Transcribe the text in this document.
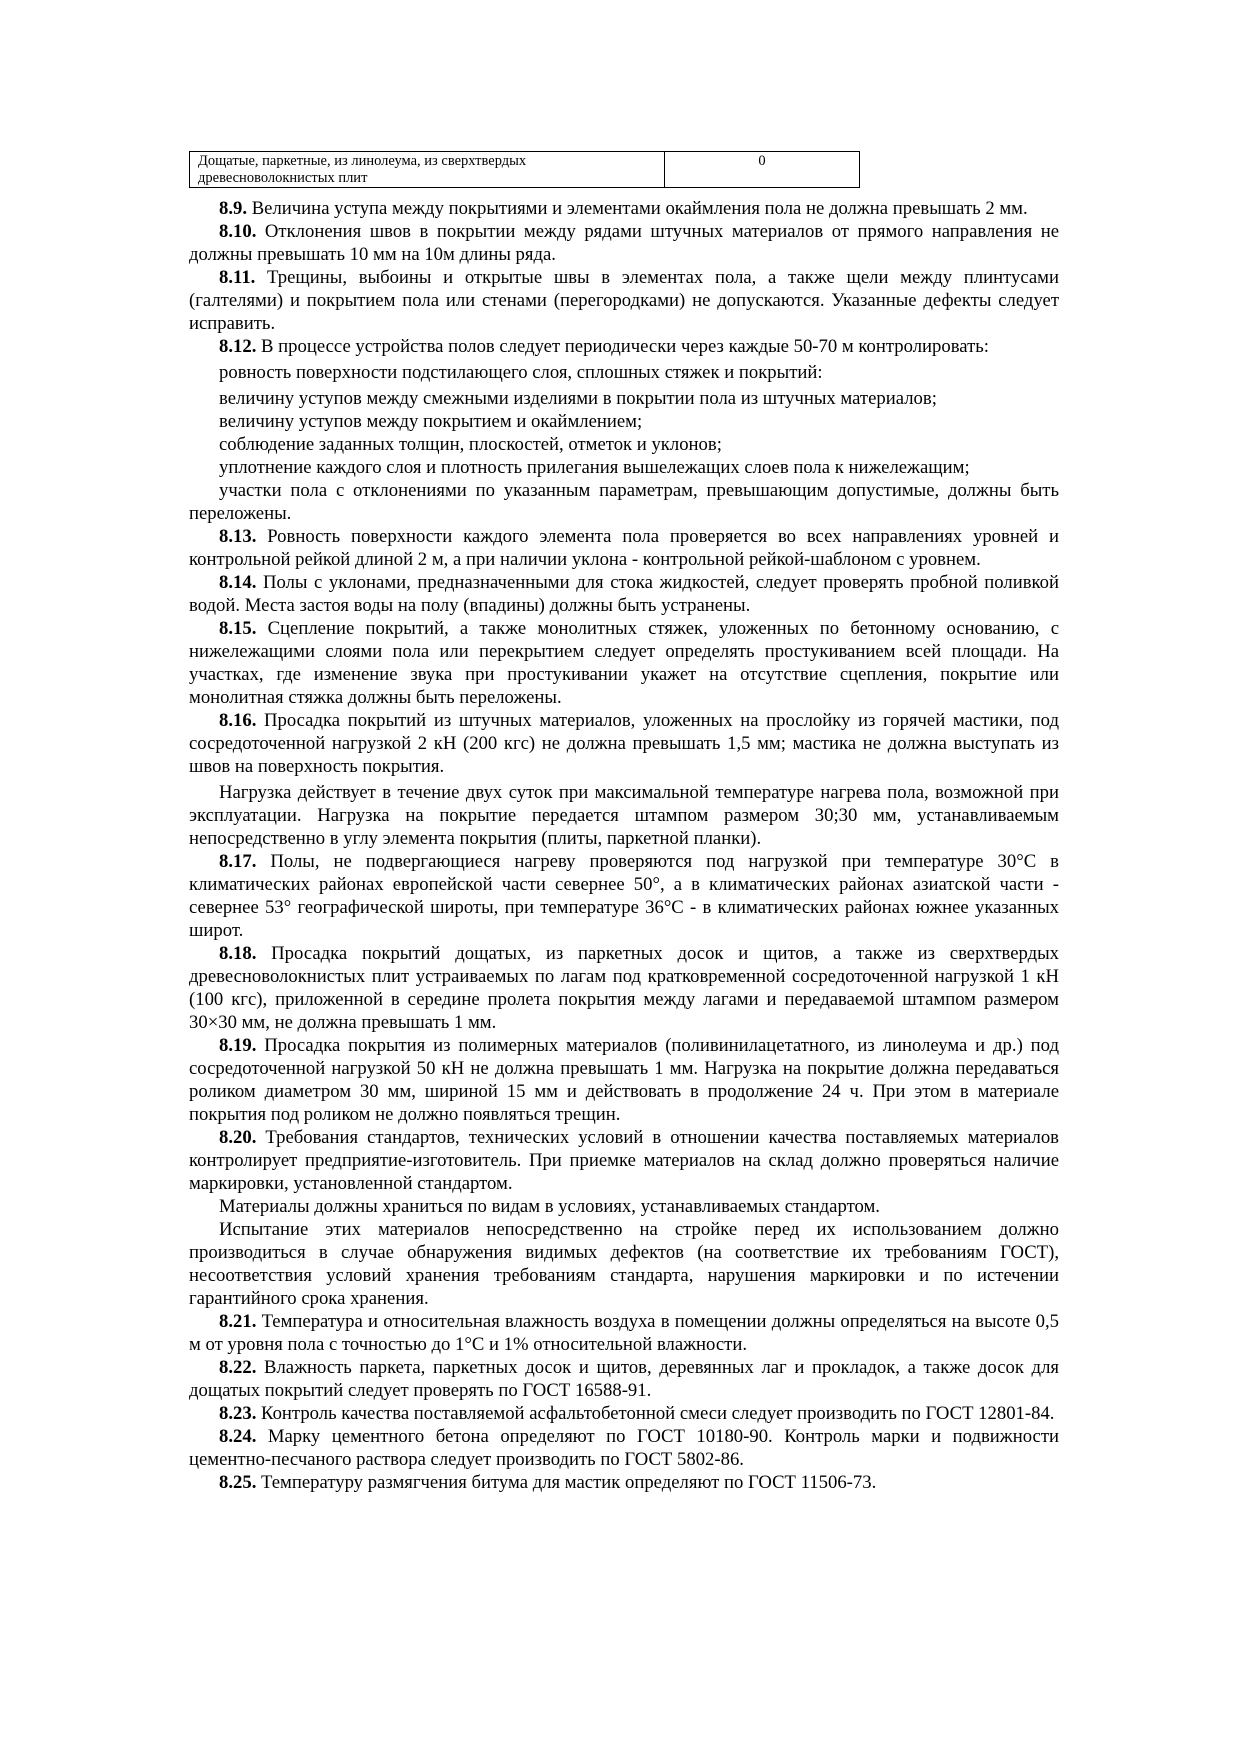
Дощатые, паркетные, из линолеума, из сверхтвердых древесноволокнистых плит	0

8.9. Величина уступа между покрытиями и элементами окаймления пола не должна превышать 2 мм.

8.10. Отклонения швов в покрытии между рядами штучных материалов от прямого направления не должны превышать 10 мм на 10м длины ряда.

8.11. Трещины, выбоины и открытые швы в элементах пола, а также щели между плинтусами (галтелями) и покрытием пола или стенами (перегородками) не допускаются. Указанные дефекты следует исправить.

8.12. В процессе устройства полов следует периодически через каждые 50-70 м контролировать:

ровность поверхности подстилающего слоя, сплошных стяжек и покрытий:

величину уступов между смежными изделиями в покрытии пола из штучных материалов;

величину уступов между покрытием и окаймлением;

соблюдение заданных толщин, плоскостей, отметок и уклонов;

уплотнение каждого слоя и плотность прилегания вышележащих слоев пола к нижележащим;

участки пола с отклонениями по указанным параметрам, превышающим допустимые, должны быть переложены.

8.13. Ровность поверхности каждого элемента пола проверяется во всех направлениях уровней и контрольной рейкой длиной 2 м, а при наличии уклона - контрольной рейкой-шаблоном с уровнем.

8.14. Полы с уклонами, предназначенными для стока жидкостей, следует проверять пробной поливкой водой. Места застоя воды на полу (впадины) должны быть устранены.

8.15. Сцепление покрытий, а также монолитных стяжек, уложенных по бетонному основанию, с нижележащими слоями пола или перекрытием следует определять простукиванием всей площади. На участках, где изменение звука при простукивании укажет на отсутствие сцепления, покрытие или монолитная стяжка должны быть переложены.

8.16. Просадка покрытий из штучных материалов, уложенных на прослойку из горячей мастики, под сосредоточенной нагрузкой 2 кН (200 кгс) не должна превышать 1,5 мм; мастика не должна выступать из швов на поверхность покрытия.

Нагрузка действует в течение двух суток при максимальной температуре нагрева пола, возможной при эксплуатации. Нагрузка на покрытие передается штампом размером 30;30 мм, устанавливаемым непосредственно в углу элемента покрытия (плиты, паркетной планки).

8.17. Полы, не подвергающиеся нагреву проверяются под нагрузкой при температуре 30°С в климатических районах европейской части севернее 50°, а в климатических районах азиатской части - севернее 53° географической широты, при температуре 36°С - в климатических районах южнее указанных широт.

8.18. Просадка покрытий дощатых, из паркетных досок и щитов, а также из сверхтвердых древесноволокнистых плит устраиваемых по лагам под кратковременной сосредоточенной нагрузкой 1 кН (100 кгс), приложенной в середине пролета покрытия между лагами и передаваемой штампом размером 30×30 мм, не должна превышать 1 мм.

8.19. Просадка покрытия из полимерных материалов (поливинилацетатного, из линолеума и др.) под сосредоточенной нагрузкой 50 кН не должна превышать 1 мм. Нагрузка на покрытие должна передаваться роликом диаметром 30 мм, шириной 15 мм и действовать в продолжение 24 ч. При этом в материале покрытия под роликом не должно появляться трещин.

8.20. Требования стандартов, технических условий в отношении качества поставляемых материалов контролирует предприятие-изготовитель. При приемке материалов на склад должно проверяться наличие маркировки, установленной стандартом.

Материалы должны храниться по видам в условиях, устанавливаемых стандартом.

Испытание этих материалов непосредственно на стройке перед их использованием должно производиться в случае обнаружения видимых дефектов (на соответствие их требованиям ГОСТ), несоответствия условий хранения требованиям стандарта, нарушения маркировки и по истечении гарантийного срока хранения.

8.21. Температура и относительная влажность воздуха в помещении должны определяться на высоте 0,5 м от уровня пола с точностью до 1°С и 1% относительной влажности.

8.22. Влажность паркета, паркетных досок и щитов, деревянных лаг и прокладок, а также досок для дощатых покрытий следует проверять по ГОСТ 16588-91.

8.23. Контроль качества поставляемой асфальтобетонной смеси следует производить по ГОСТ 12801-84.

8.24. Марку цементного бетона определяют по ГОСТ 10180-90. Контроль марки и подвижности цементно-песчаного раствора следует производить по ГОСТ 5802-86.

8.25. Температуру размягчения битума для мастик определяют по ГОСТ 11506-73.
